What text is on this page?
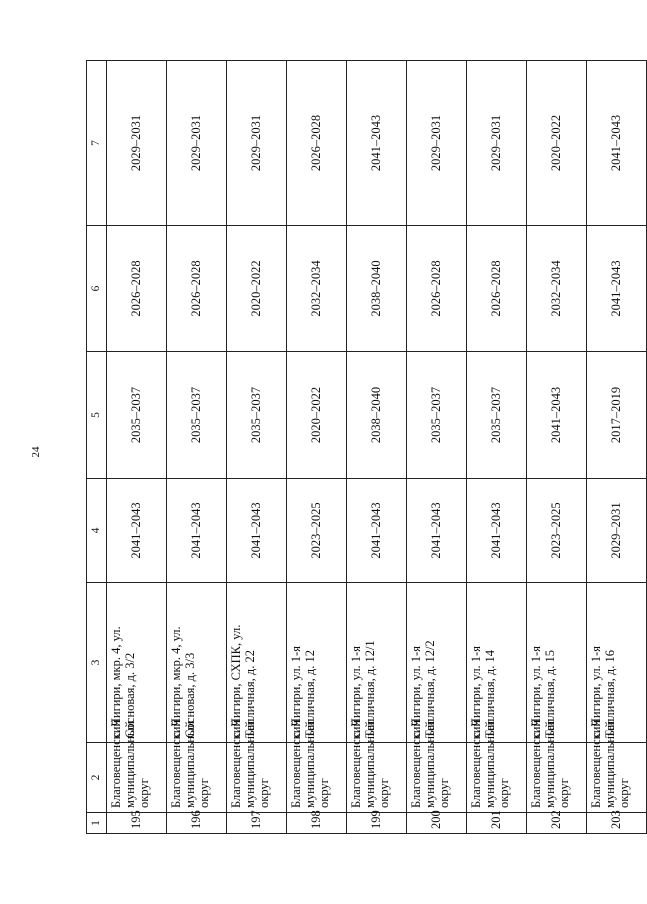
24
1	2	3	4	5	6	7
195	Благовещенский муниципальный округ	с. Чигири, мкр. 4, ул. Сосновая, д. 3/2	2041–2043	2035–2037	2026–2028	2029–2031
196	Благовещенский муниципальный округ	с. Чигири, мкр. 4, ул. Сосновая, д. 3/3	2041–2043	2035–2037	2026–2028	2029–2031
197	Благовещенский муниципальный округ	с. Чигири, СХПК, ул. Тепличная, д. 22	2041–2043	2035–2037	2020–2022	2029–2031
198	Благовещенский муниципальный округ	с. Чигири, ул. 1-я Тепличная, д. 12	2023–2025	2020–2022	2032–2034	2026–2028
199	Благовещенский муниципальный округ	с. Чигири, ул. 1-я Тепличная, д. 12/1	2041–2043	2038–2040	2038–2040	2041–2043
200	Благовещенский муниципальный округ	с. Чигири, ул. 1-я Тепличная, д. 12/2	2041–2043	2035–2037	2026–2028	2029–2031
201	Благовещенский муниципальный округ	с. Чигири, ул. 1-я Тепличная, д. 14	2041–2043	2035–2037	2026–2028	2029–2031
202	Благовещенский муниципальный округ	с. Чигири, ул. 1-я Тепличная, д. 15	2023–2025	2041–2043	2032–2034	2020–2022
203	Благовещенский муниципальный округ	с. Чигири, ул. 1-я Тепличная, д. 16	2029–2031	2017–2019	2041–2043	2041–2043
